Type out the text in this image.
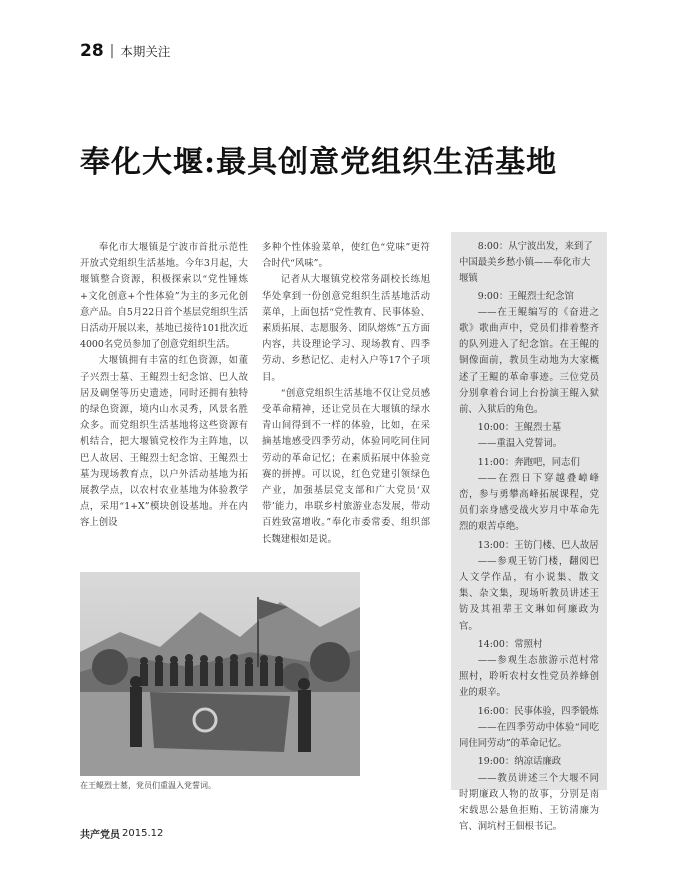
28 | 本期关注
奉化大堰:最具创意党组织生活基地

奉化市大堰镇是宁波市首批示范性开放式党组织生活基地。今年3月起，大堰镇整合资源，积极探索以“党性锤炼+文化创意+个性体验”为主的多元化创意产品。自5月22日首个基层党组织生活日活动开展以来，基地已接待101批次近4000名党员参加了创意党组织生活。

大堰镇拥有丰富的红色资源，如董子兴烈士墓、王鲲烈士纪念馆、巴人故居及碉堡等历史遗迹，同时还拥有独特的绿色资源，境内山水灵秀，风景名胜众多。而党组织生活基地将这些资源有机结合，把大堰镇党校作为主阵地，以巴人故居、王鲲烈士纪念馆、王鲲烈士墓为现场教育点，以户外活动基地为拓展教学点，以农村农业基地为体验教学点，采用“1+X”模块创设基地。并在内容上创设

多种个性体验菜单，使红色“党味”更符合时代“风味”。

记者从大堰镇党校常务副校长练旭华处拿到一份创意党组织生活基地活动菜单，上面包括“党性教育、民事体验、素质拓展、志愿服务、团队熔炼”五方面内容，共设理论学习、现场教育、四季劳动、乡愁记忆、走村入户等17个子项目。

“创意党组织生活基地不仅让党员感受革命精神，还让党员在大堰镇的绿水青山间得到不一样的体验，比如，在采摘基地感受四季劳动，体验同吃同住同劳动的革命记忆；在素质拓展中体验竞赛的拼搏。可以说，红色党建引领绿色产业，加强基层党支部和广大党员‘双带’能力，串联乡村旅游业态发展，带动百姓致富增收。”奉化市委常委、组织部长魏建根如是说。

8:00：从宁波出发，来到了中国最美乡愁小镇——奉化市大堰镇

9:00：王鲲烈士纪念馆

——在王鲲编写的《奋进之歌》歌曲声中，党员们排着整齐的队列进入了纪念馆。在王鲲的铜像面前，教员生动地为大家概述了王鲲的革命事迹。三位党员分别拿着台词上台扮演王鲲入狱前、入狱后的角色。

10:00：王鲲烈士墓

——重温入党誓词。

11:00：奔跑吧，同志们

——在烈日下穿越叠嶂峰峦，参与勇攀高峰拓展课程，党员们亲身感受战火岁月中革命先烈的艰苦卓绝。

13:00：王钫门楼、巴人故居

——参观王钫门楼，翻阅巴人文学作品，有小说集、散文集、杂文集，现场听教员讲述王钫及其祖辈王文琳如何廉政为官。

14:00：常照村

——参观生态旅游示范村常照村，聆听农村女性党员养蜂创业的艰辛。

16:00：民事体验，四季锻炼

——在四季劳动中体验“同吃同住同劳动”的革命记忆。

19:00：纳凉话廉政

——教员讲述三个大堰不同时期廉政人物的故事，分别是南宋载思公悬鱼拒贿、王钫清廉为官、洞坑村王佃根书记。

在王鲲烈士墓，党员们重温入党誓词。
共产党员 2015.12
